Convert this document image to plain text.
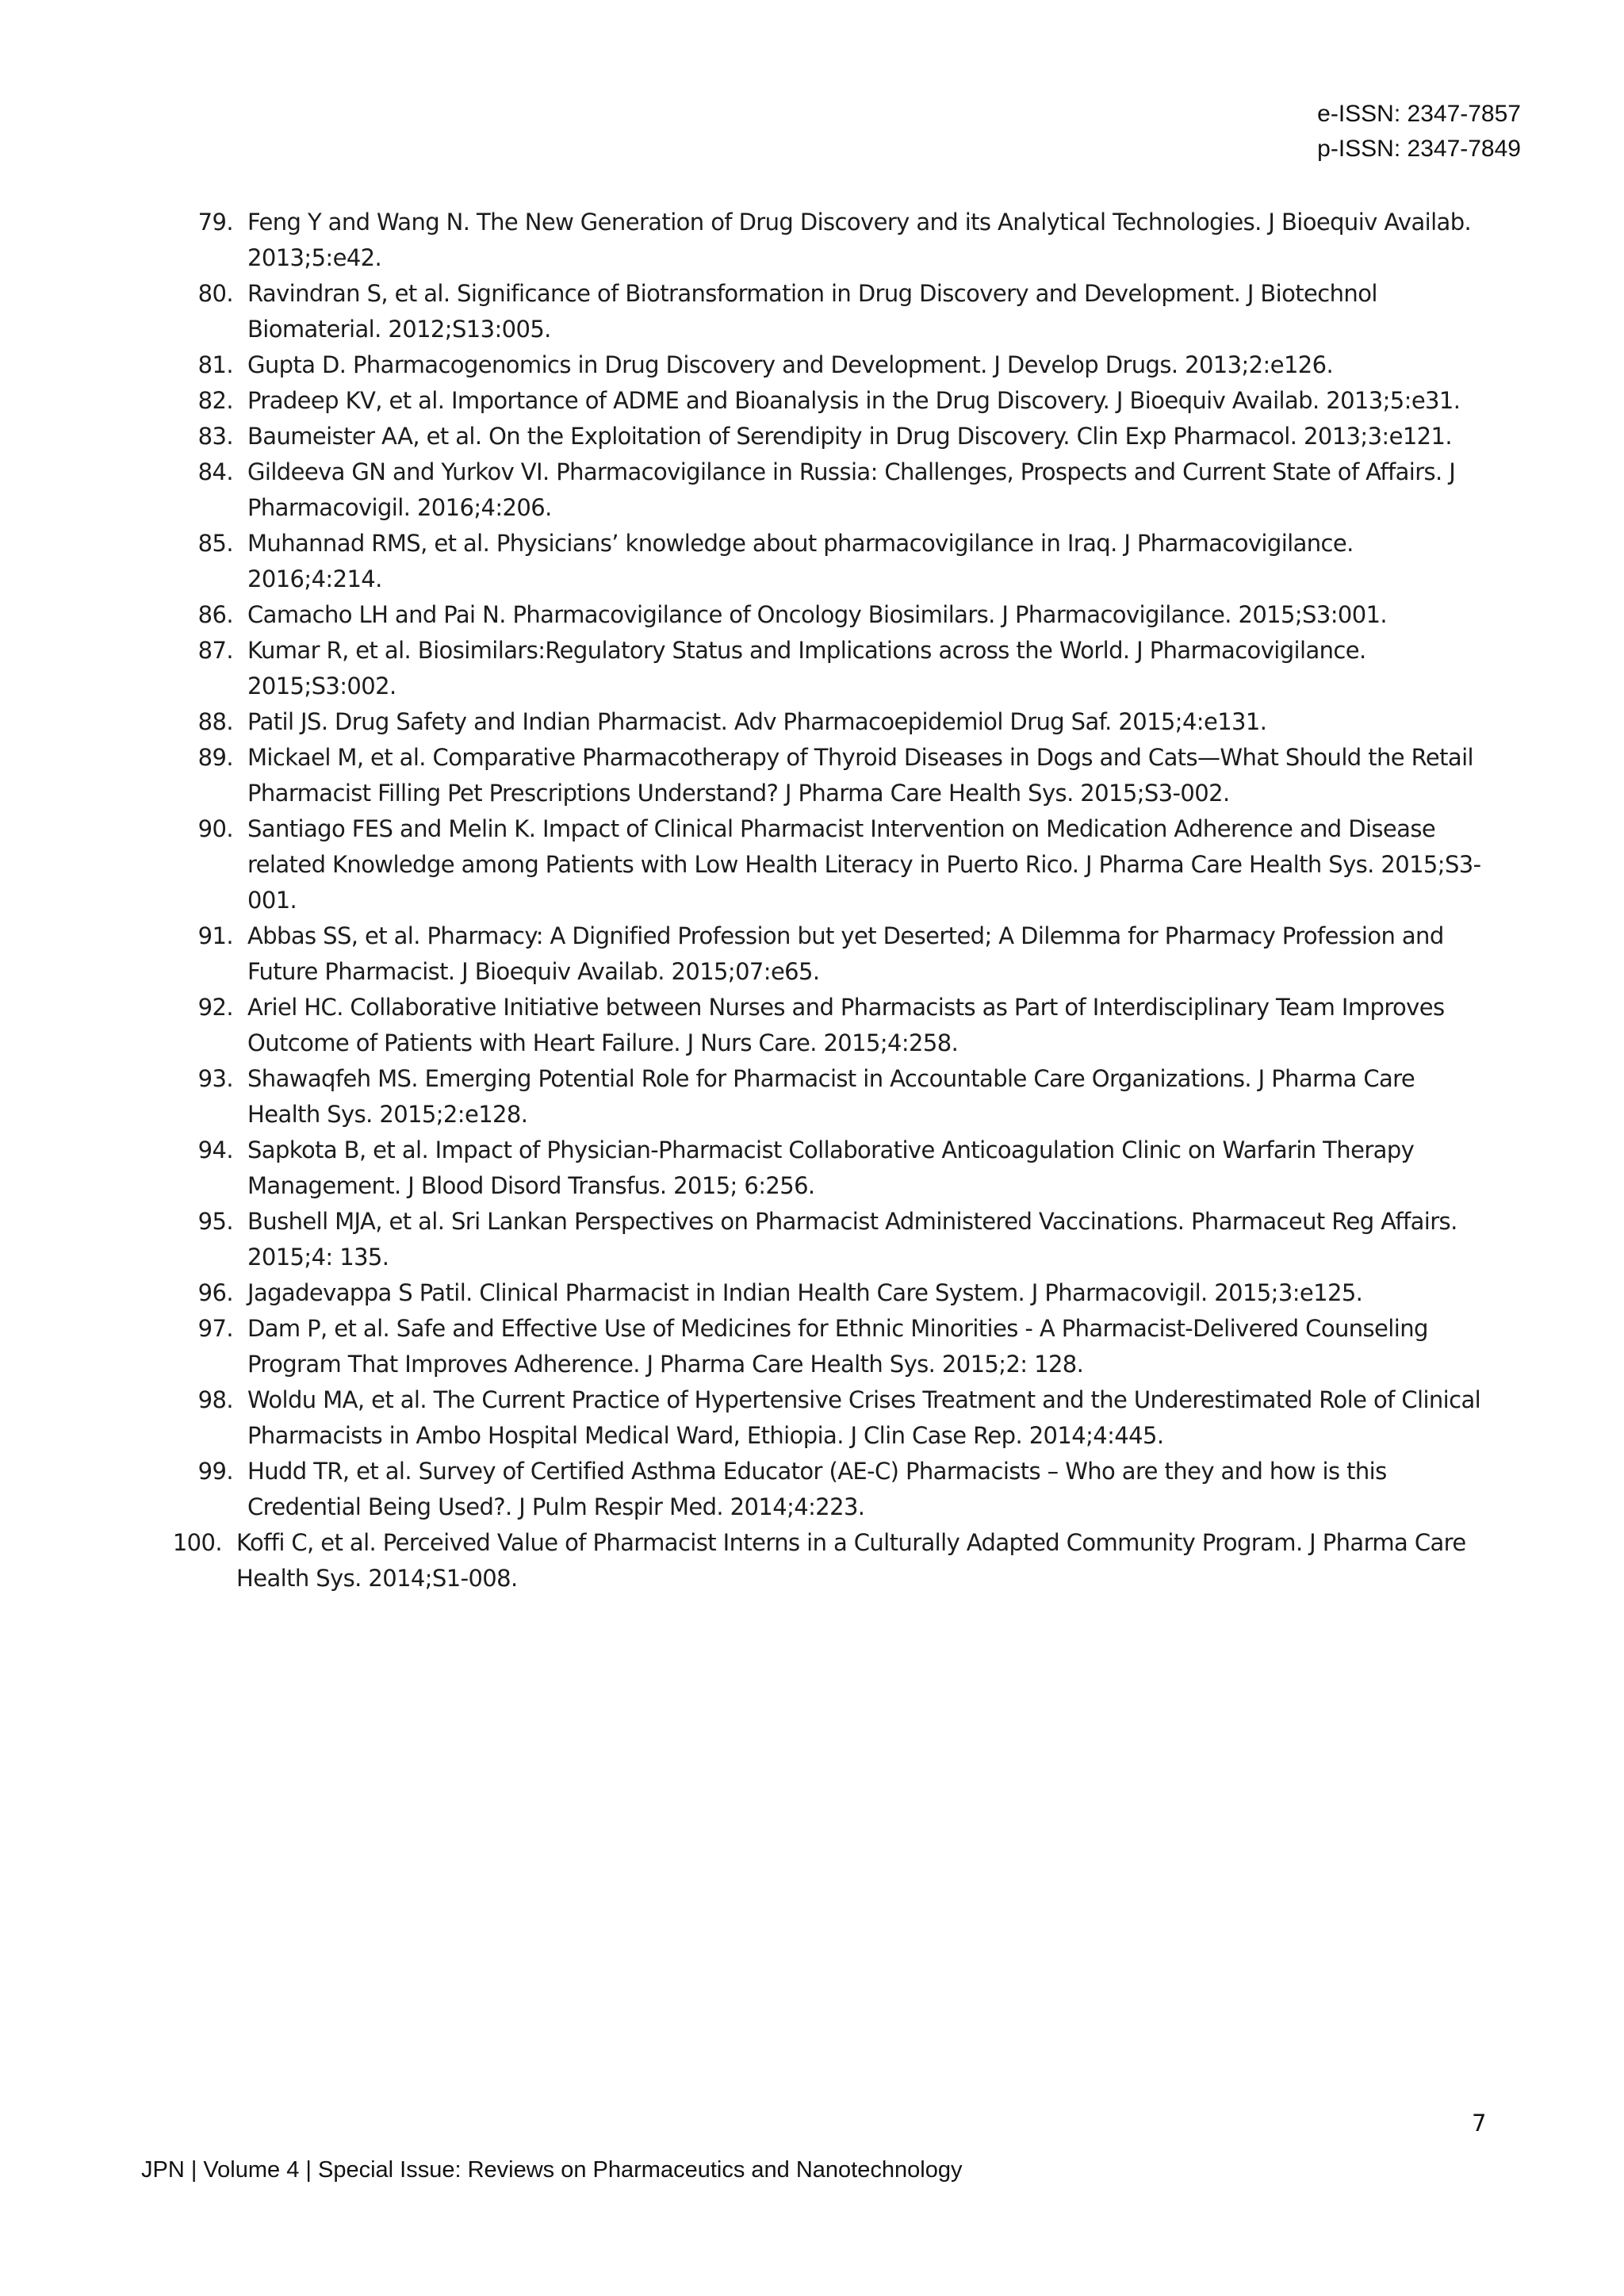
e-ISSN: 2347-7857
p-ISSN: 2347-7849
79. Feng Y and Wang N. The New Generation of Drug Discovery and its Analytical Technologies. J Bioequiv Availab. 2013;5:e42.
80. Ravindran S, et al. Significance of Biotransformation in Drug Discovery and Development. J Biotechnol Biomaterial. 2012;S13:005.
81. Gupta D. Pharmacogenomics in Drug Discovery and Development. J Develop Drugs. 2013;2:e126.
82. Pradeep KV, et al. Importance of ADME and Bioanalysis in the Drug Discovery. J Bioequiv Availab. 2013;5:e31.
83. Baumeister AA, et al. On the Exploitation of Serendipity in Drug Discovery. Clin Exp Pharmacol. 2013;3:e121.
84. Gildeeva GN and Yurkov VI. Pharmacovigilance in Russia: Challenges, Prospects and Current State of Affairs. J Pharmacovigil. 2016;4:206.
85. Muhannad RMS, et al. Physicians’ knowledge about pharmacovigilance in Iraq. J Pharmacovigilance. 2016;4:214.
86. Camacho LH and Pai N. Pharmacovigilance of Oncology Biosimilars. J Pharmacovigilance. 2015;S3:001.
87. Kumar R, et al. Biosimilars:Regulatory Status and Implications across the World. J Pharmacovigilance. 2015;S3:002.
88. Patil JS. Drug Safety and Indian Pharmacist. Adv Pharmacoepidemiol Drug Saf. 2015;4:e131.
89. Mickael M, et al. Comparative Pharmacotherapy of Thyroid Diseases in Dogs and Cats—What Should the Retail Pharmacist Filling Pet Prescriptions Understand? J Pharma Care Health Sys. 2015;S3-002.
90. Santiago FES and Melin K. Impact of Clinical Pharmacist Intervention on Medication Adherence and Disease related Knowledge among Patients with Low Health Literacy in Puerto Rico. J Pharma Care Health Sys. 2015;S3-001.
91. Abbas SS, et al. Pharmacy: A Dignified Profession but yet Deserted; A Dilemma for Pharmacy Profession and Future Pharmacist. J Bioequiv Availab. 2015;07:e65.
92. Ariel HC. Collaborative Initiative between Nurses and Pharmacists as Part of Interdisciplinary Team Improves Outcome of Patients with Heart Failure. J Nurs Care. 2015;4:258.
93. Shawaqfeh MS. Emerging Potential Role for Pharmacist in Accountable Care Organizations. J Pharma Care Health Sys. 2015;2:e128.
94. Sapkota B, et al. Impact of Physician-Pharmacist Collaborative Anticoagulation Clinic on Warfarin Therapy Management. J Blood Disord Transfus. 2015; 6:256.
95. Bushell MJA, et al. Sri Lankan Perspectives on Pharmacist Administered Vaccinations. Pharmaceut Reg Affairs. 2015;4: 135.
96. Jagadevappa S Patil. Clinical Pharmacist in Indian Health Care System. J Pharmacovigil. 2015;3:e125.
97. Dam P, et al. Safe and Effective Use of Medicines for Ethnic Minorities - A Pharmacist-Delivered Counseling Program That Improves Adherence. J Pharma Care Health Sys. 2015;2: 128.
98. Woldu MA, et al. The Current Practice of Hypertensive Crises Treatment and the Underestimated Role of Clinical Pharmacists in Ambo Hospital Medical Ward, Ethiopia. J Clin Case Rep. 2014;4:445.
99. Hudd TR, et al. Survey of Certified Asthma Educator (AE-C) Pharmacists – Who are they and how is this Credential Being Used?. J Pulm Respir Med. 2014;4:223.
100. Koffi C, et al. Perceived Value of Pharmacist Interns in a Culturally Adapted Community Program. J Pharma Care Health Sys. 2014;S1-008.
7
JPN | Volume 4 | Special Issue: Reviews on Pharmaceutics and Nanotechnology
